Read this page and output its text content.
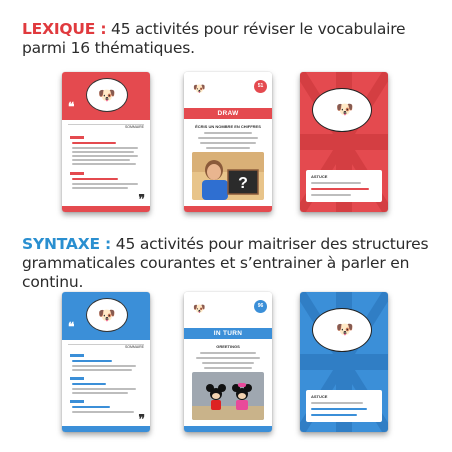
LEXIQUE : 45 activités pour réviser le vocabulaire parmi 16 thématiques.
SYNTAXE : 45 activités pour maitriser des structures grammaticales courantes et s’entrainer à parler en continu.
🐶
❝
SOMMAIRE
❞
🐶	51
DRAW
ÉCRIS UN NOMBRE EN CHIFFRES
?
🐶
ASTUCE
🐶
❝
SOMMAIRE
❞
🐶	96
IN TURN
GREETINGS
🐶
ASTUCE
